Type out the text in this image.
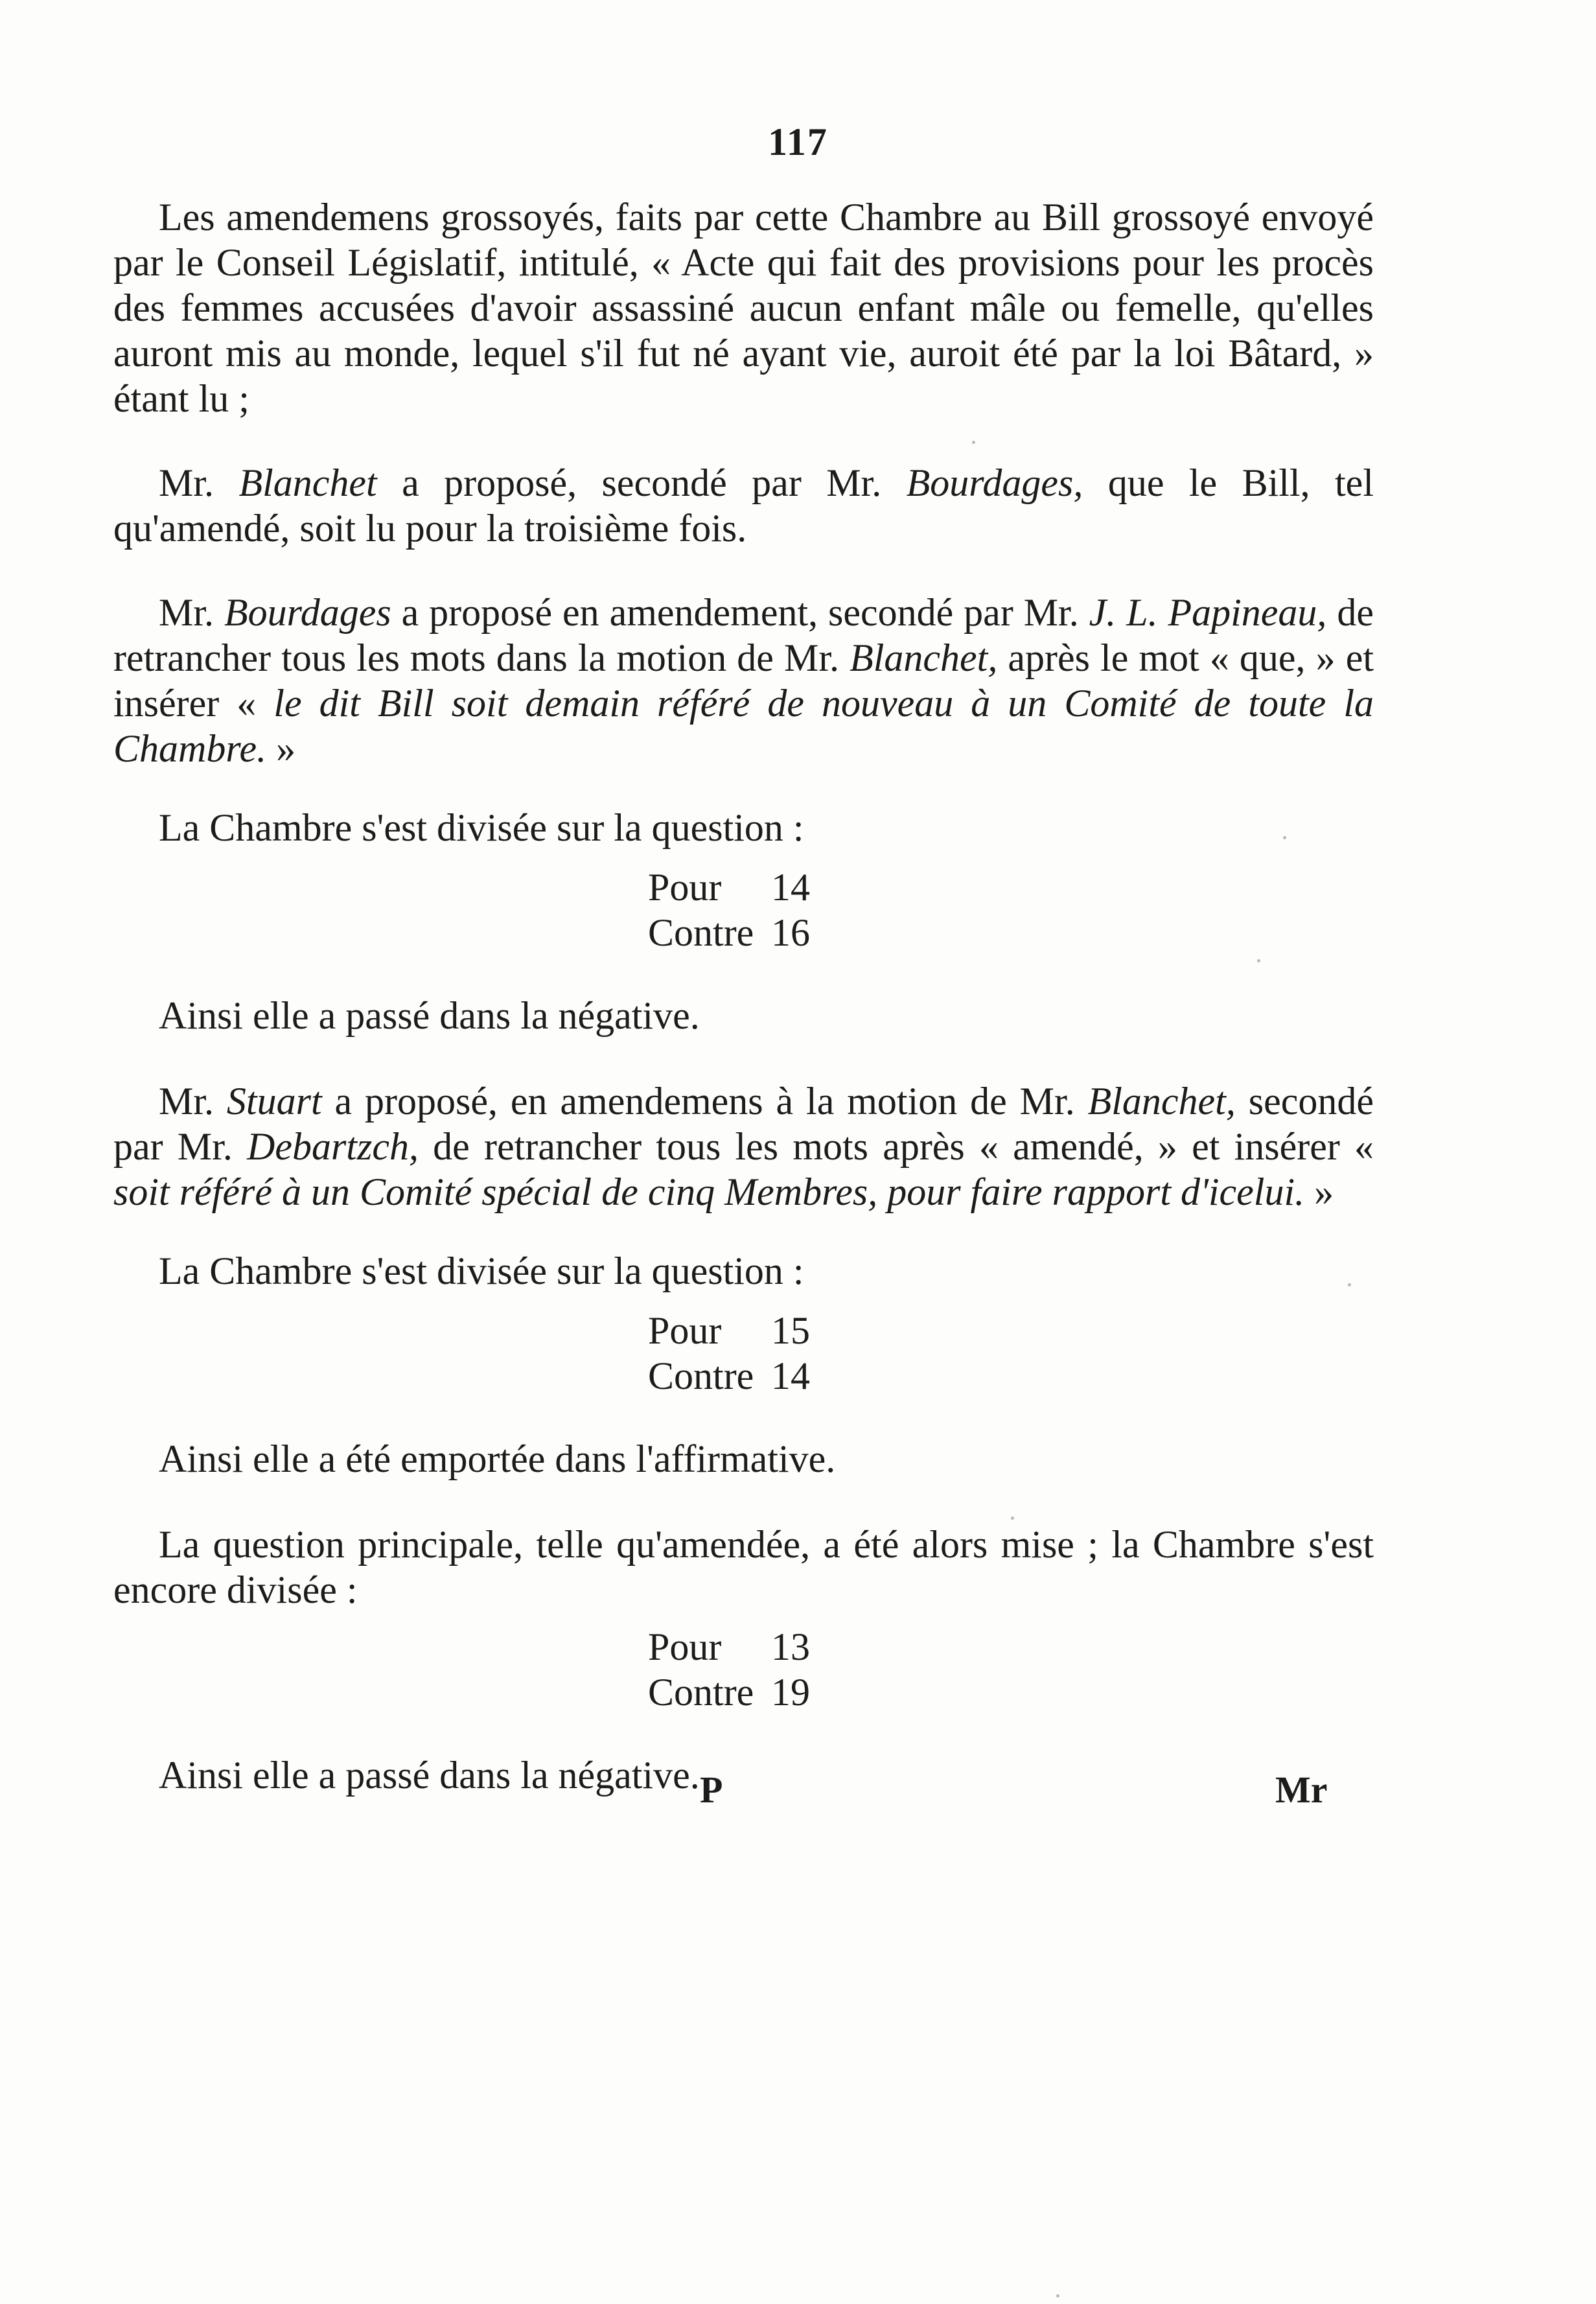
117

Les amendemens grossoyés, faits par cette Chambre au Bill grossoyé envoyé par le Conseil Législatif, intitulé, « Acte qui fait des provisions pour les procès des femmes accusées d'avoir assassiné aucun enfant mâle ou femelle, qu'elles auront mis au monde, lequel s'il fut né ayant vie, auroit été par la loi Bâtard, » étant lu ;

Mr. Blanchet a proposé, secondé par Mr. Bourdages, que le Bill, tel qu'amendé, soit lu pour la troisième fois.

Mr. Bourdages a proposé en amendement, secondé par Mr. J. L. Papineau, de retrancher tous les mots dans la motion de Mr. Blanchet, après le mot « que, » et insérer « le dit Bill soit demain référé de nouveau à un Comité de toute la Chambre. »

La Chambre s'est divisée sur la question :

Pour 14
Contre 16

Ainsi elle a passé dans la négative.

Mr. Stuart a proposé, en amendemens à la motion de Mr. Blanchet, secondé par Mr. Debartzch, de retrancher tous les mots après « amendé, » et insérer « soit référé à un Comité spécial de cinq Membres, pour faire rapport d'icelui. »

La Chambre s'est divisée sur la question :

Pour 15
Contre 14

Ainsi elle a été emportée dans l'affirmative.

La question principale, telle qu'amendée, a été alors mise ; la Chambre s'est encore divisée :

Pour 13
Contre 19

Ainsi elle a passé dans la négative. P	Mr
